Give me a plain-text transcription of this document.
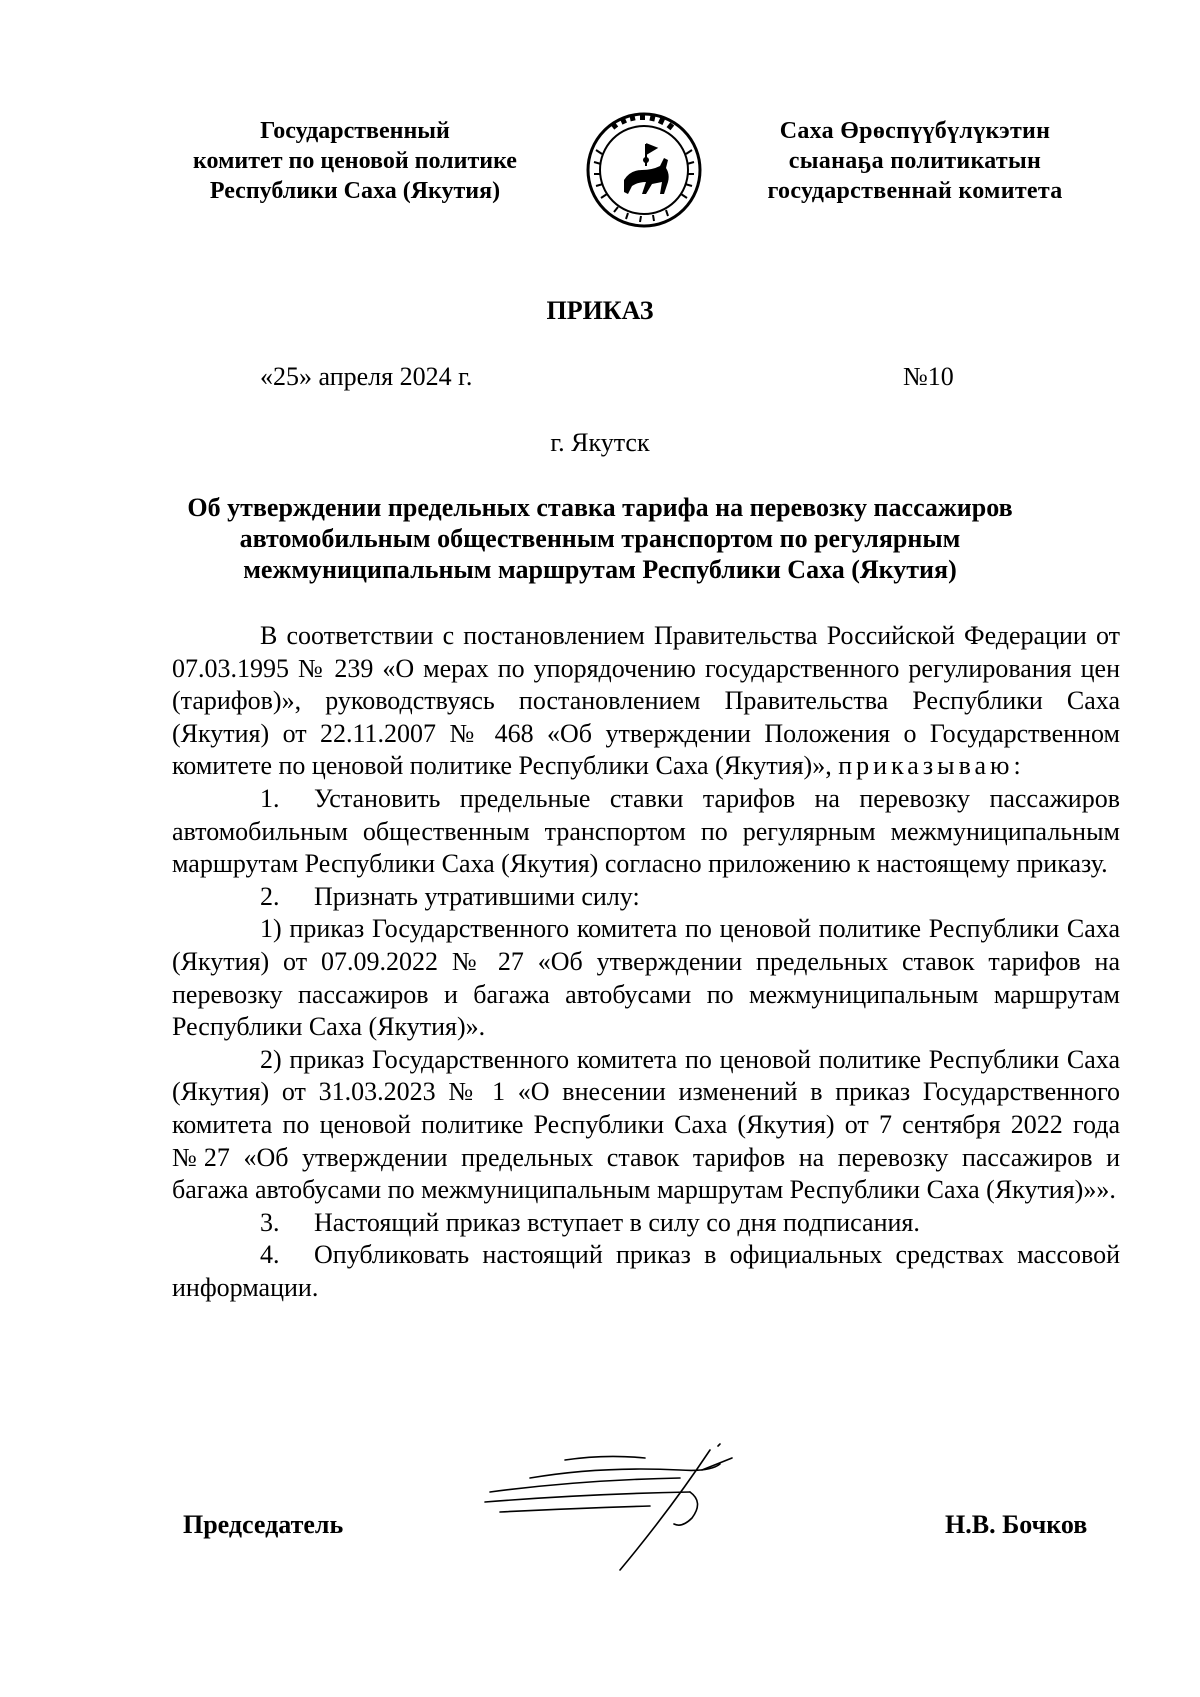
Государственный
комитет по ценовой политике
Республики Саха (Якутия)
Саха Өрөспүүбүлүкэтин
сыанаҕа политикатын
государственнай комитета
ПРИКАЗ
«25» апреля 2024 г.	№10
г. Якутск
Об утверждении предельных ставка тарифа на перевозку пассажиров автомобильным общественным транспортом по регулярным межмуниципальным маршрутам Республики Саха (Якутия)

В соответствии с постановлением Правительства Российской Федерации от 07.03.1995 № 239 «О мерах по упорядочению государственного регулирования цен (тарифов)», руководствуясь постановлением Правительства Республики Саха (Якутия) от 22.11.2007 № 468 «Об утверждении Положения о Государственном комитете по ценовой политике Республики Саха (Якутия)», приказываю:

1. Установить предельные ставки тарифов на перевозку пассажиров автомобильным общественным транспортом по регулярным межмуниципальным маршрутам Республики Саха (Якутия) согласно приложению к настоящему приказу.

2. Признать утратившими силу:

1) приказ Государственного комитета по ценовой политике Республики Саха (Якутия) от 07.09.2022 № 27 «Об утверждении предельных ставок тарифов на перевозку пассажиров и багажа автобусами по межмуниципальным маршрутам Республики Саха (Якутия)».

2) приказ Государственного комитета по ценовой политике Республики Саха (Якутия) от 31.03.2023 № 1 «О внесении изменений в приказ Государственного комитета по ценовой политике Республики Саха (Якутия) от 7 сентября 2022 года №27 «Об утверждении предельных ставок тарифов на перевозку пассажиров и багажа автобусами по межмуниципальным маршрутам Республики Саха (Якутия)»».

3. Настоящий приказ вступает в силу со дня подписания.

4. Опубликовать настоящий приказ в официальных средствах массовой информации.

Председатель	Н.В. Бочков
